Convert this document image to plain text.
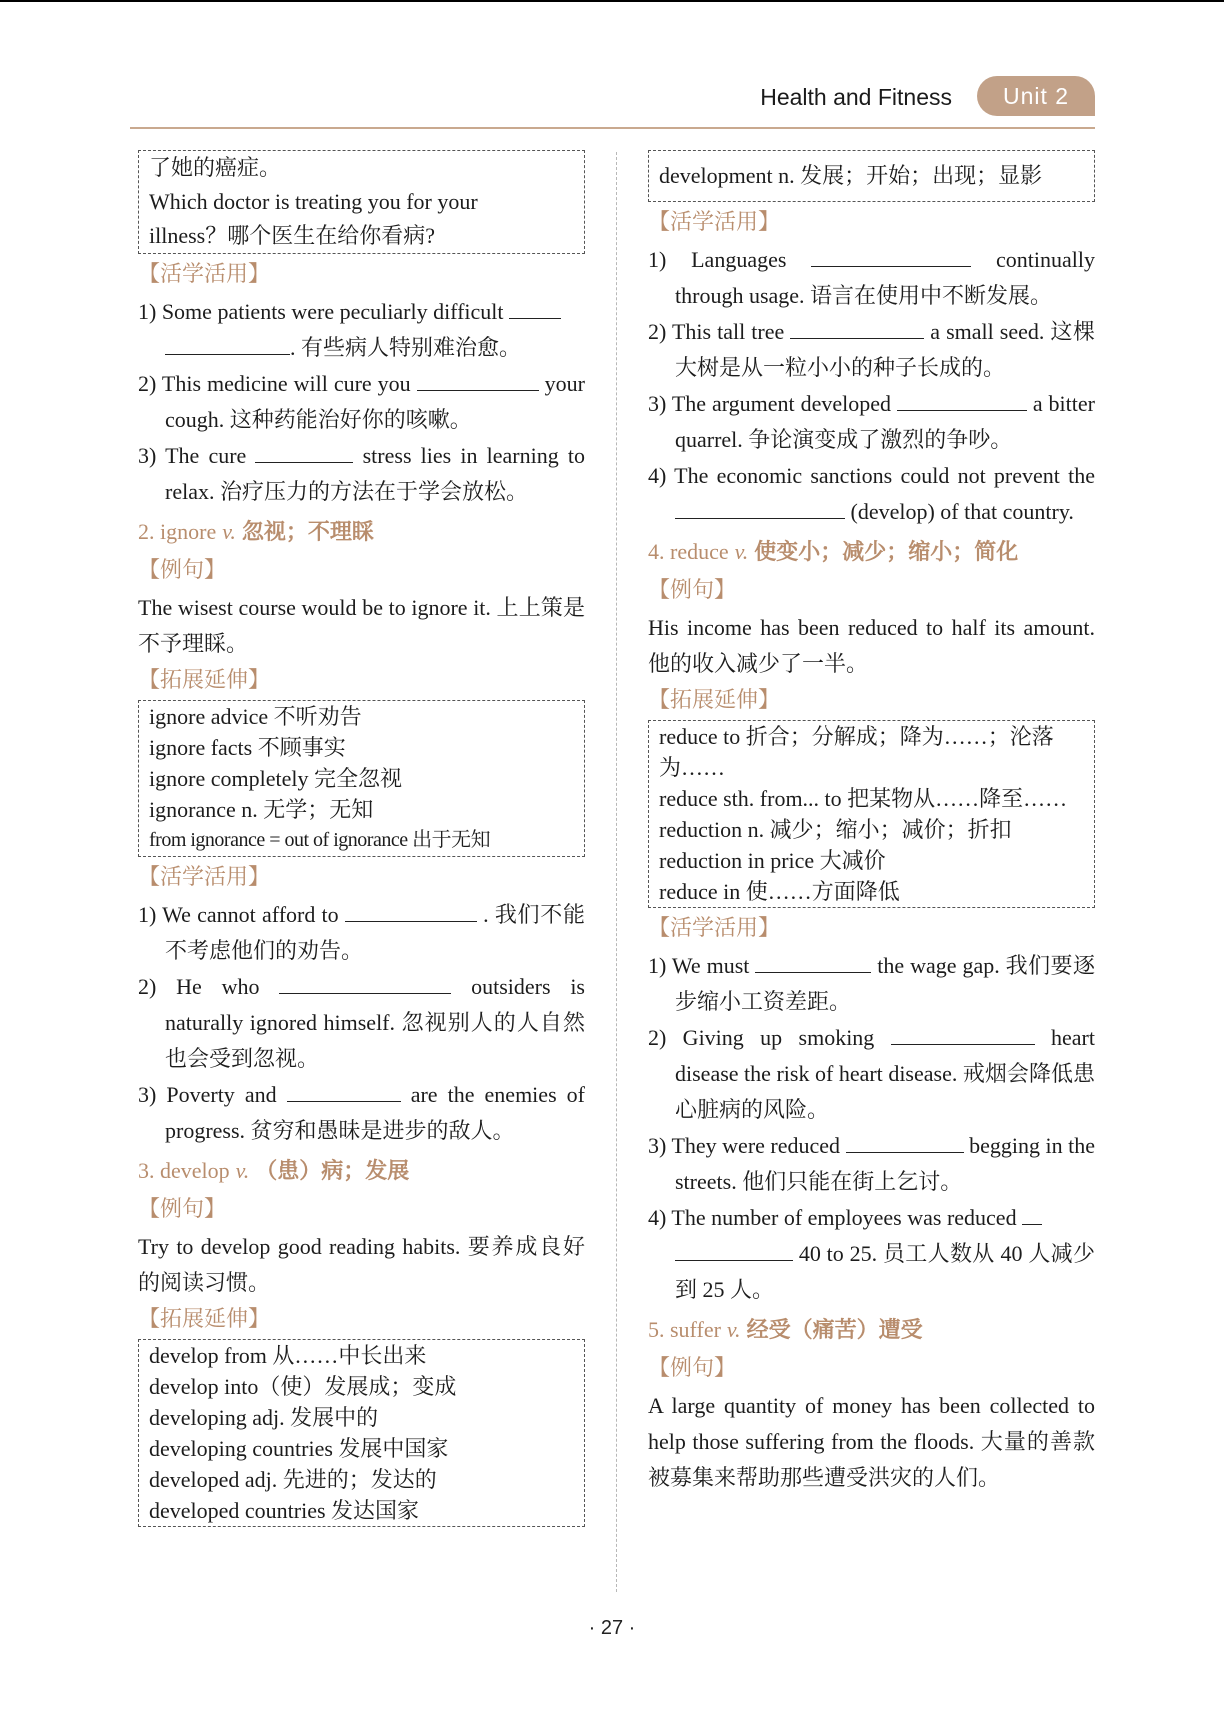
Health and Fitness	Unit 2
了她的癌症。
Which doctor is treating you for your
illness？哪个医生在给你看病?
【活学活用】
1) Some patients were peculiarly difficult
. 有些病人特别难治愈。
2) This medicine will cure you	your cough. 这种药能治好你的咳嗽。
3) The cure	stress lies in learning to relax. 治疗压力的方法在于学会放松。
2. ignore v. 忽视；不理睬
【例句】
The wisest course would be to ignore it. 上上策是不予理睬。
【拓展延伸】
ignore advice 不听劝告
ignore facts 不顾事实
ignore completely 完全忽视
ignorance n. 无学；无知
from ignorance = out of ignorance 出于无知
【活学活用】
1) We cannot afford to	. 我们不能不考虑他们的劝告。
2) He who	outsiders is naturally ignored himself. 忽视别人的人自然也会受到忽视。
3) Poverty and	are the enemies of progress. 贫穷和愚昧是进步的敌人。
3. develop v. （患）病；发展
【例句】
Try to develop good reading habits. 要养成良好的阅读习惯。
【拓展延伸】
develop from 从……中长出来
develop into（使）发展成；变成
developing adj. 发展中的
developing countries 发展中国家
developed adj. 先进的；发达的
developed countries 发达国家
development n. 发展；开始；出现；显影
【活学活用】
1) Languages	continually through usage. 语言在使用中不断发展。
2) This tall tree	a small seed. 这棵大树是从一粒小小的种子长成的。
3) The argument developed	a bitter quarrel. 争论演变成了激烈的争吵。
4) The economic sanctions could not prevent the  (develop) of that country.
4. reduce v. 使变小；减少；缩小；简化
【例句】
His income has been reduced to half its amount. 他的收入减少了一半。
【拓展延伸】
reduce to 折合；分解成；降为……；沦落为……
reduce sth. from... to 把某物从……降至……
reduction n. 减少；缩小；减价；折扣
reduction in price 大减价
reduce in 使……方面降低
【活学活用】
1) We must	the wage gap. 我们要逐步缩小工资差距。
2) Giving up smoking	heart disease the risk of heart disease. 戒烟会降低患心脏病的风险。
3) They were reduced	begging in the streets. 他们只能在街上乞讨。
4) The number of employees was reduced
40 to 25. 员工人数从 40 人减少到 25 人。
5. suffer v. 经受（痛苦）遭受
【例句】
A large quantity of money has been collected to help those suffering from the floods. 大量的善款被募集来帮助那些遭受洪灾的人们。
· 27 ·
